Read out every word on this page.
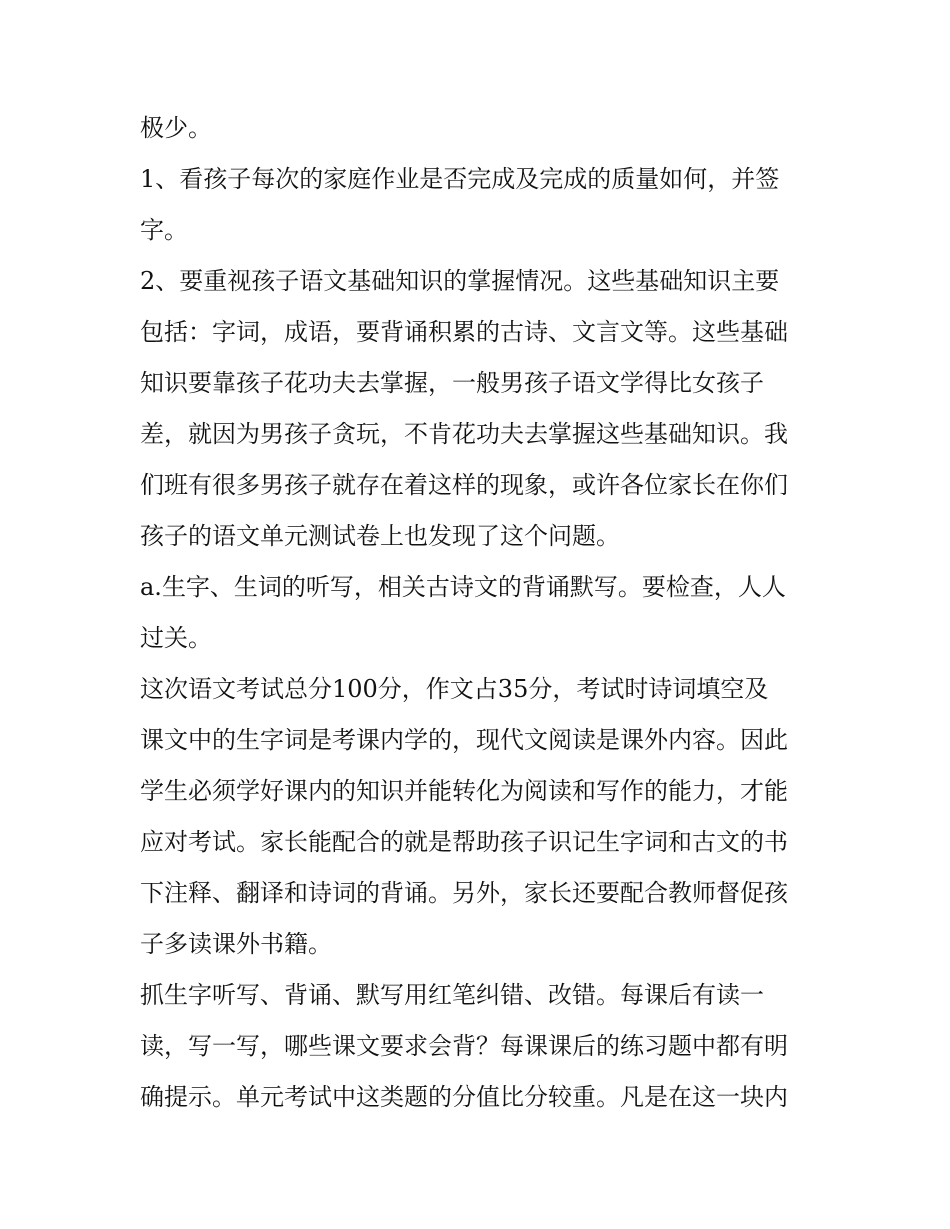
极少。
1、看孩子每次的家庭作业是否完成及完成的质量如何，并签
字。
2、要重视孩子语文基础知识的掌握情况。这些基础知识主要
包括：字词，成语，要背诵积累的古诗、文言文等。这些基础
知识要靠孩子花功夫去掌握，一般男孩子语文学得比女孩子
差，就因为男孩子贪玩，不肯花功夫去掌握这些基础知识。我
们班有很多男孩子就存在着这样的现象，或许各位家长在你们
孩子的语文单元测试卷上也发现了这个问题。
a.生字、生词的听写，相关古诗文的背诵默写。要检查，人人
过关。
这次语文考试总分100分，作文占35分，考试时诗词填空及
课文中的生字词是考课内学的，现代文阅读是课外内容。因此
学生必须学好课内的知识并能转化为阅读和写作的能力，才能
应对考试。家长能配合的就是帮助孩子识记生字词和古文的书
下注释、翻译和诗词的背诵。另外，家长还要配合教师督促孩
子多读课外书籍。
抓生字听写、背诵、默写用红笔纠错、改错。每课后有读一
读，写一写，哪些课文要求会背？每课课后的练习题中都有明
确提示。单元考试中这类题的分值比分较重。凡是在这一块内
